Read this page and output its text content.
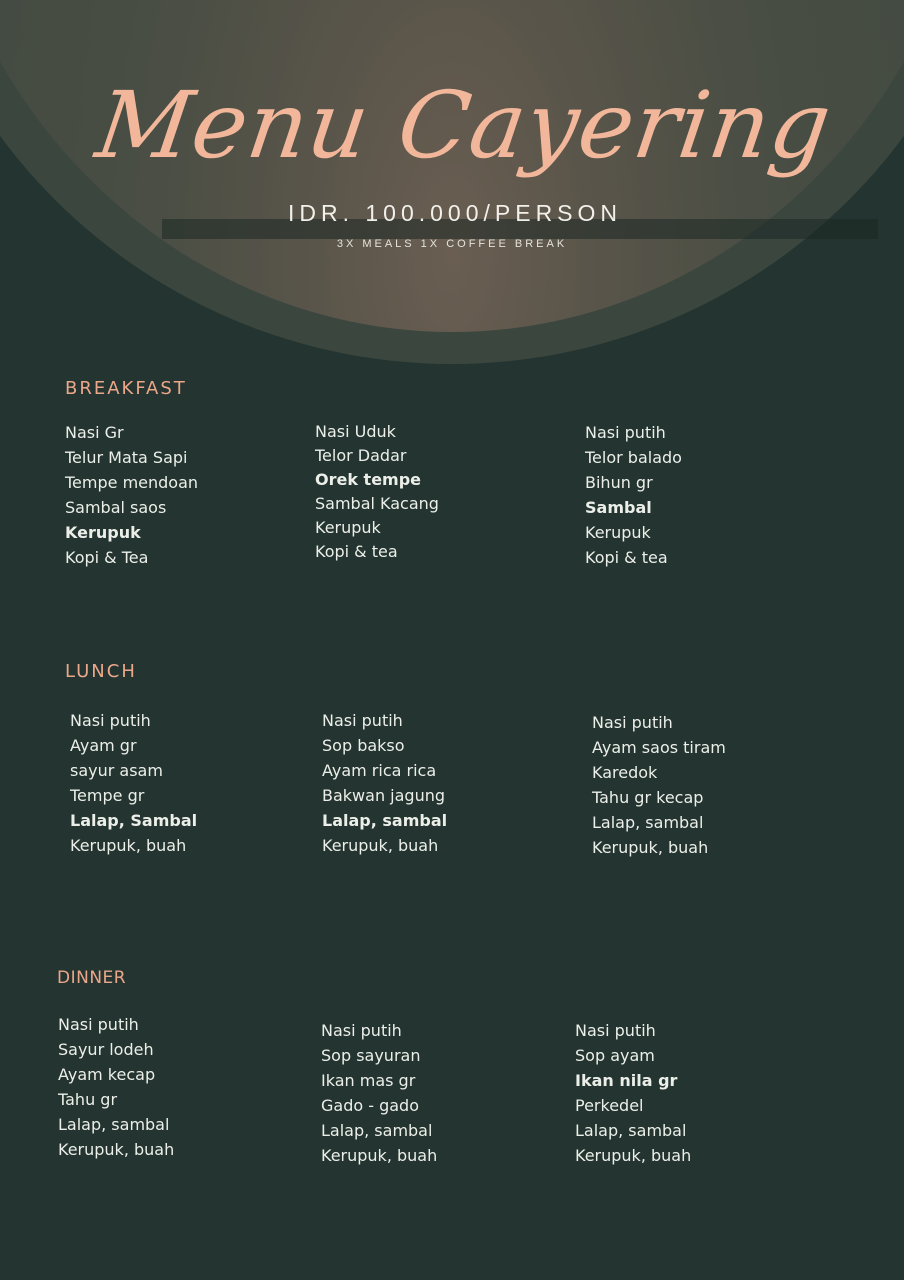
Menu Cayering
IDR. 100.000/PERSON
3X MEALS 1X COFFEE BREAK
BREAKFAST
Nasi Gr
Telur Mata Sapi
Tempe mendoan
Sambal saos
Kerupuk
Kopi & Tea
Nasi Uduk
Telor Dadar
Orek tempe
Sambal Kacang
Kerupuk
Kopi & tea
Nasi putih
Telor balado
Bihun gr
Sambal
Kerupuk
Kopi & tea
LUNCH
Nasi putih
Ayam gr
sayur asam
Tempe gr
Lalap, Sambal
Kerupuk, buah
Nasi putih
Sop bakso
Ayam rica rica
Bakwan jagung
Lalap, sambal
Kerupuk, buah
Nasi putih
Ayam saos tiram
Karedok
Tahu gr kecap
Lalap, sambal
Kerupuk, buah
DINNER
Nasi putih
Sayur lodeh
Ayam kecap
Tahu gr
Lalap, sambal
Kerupuk, buah
Nasi putih
Sop sayuran
Ikan mas gr
Gado - gado
Lalap, sambal
Kerupuk, buah
Nasi putih
Sop ayam
Ikan nila gr
Perkedel
Lalap, sambal
Kerupuk, buah
